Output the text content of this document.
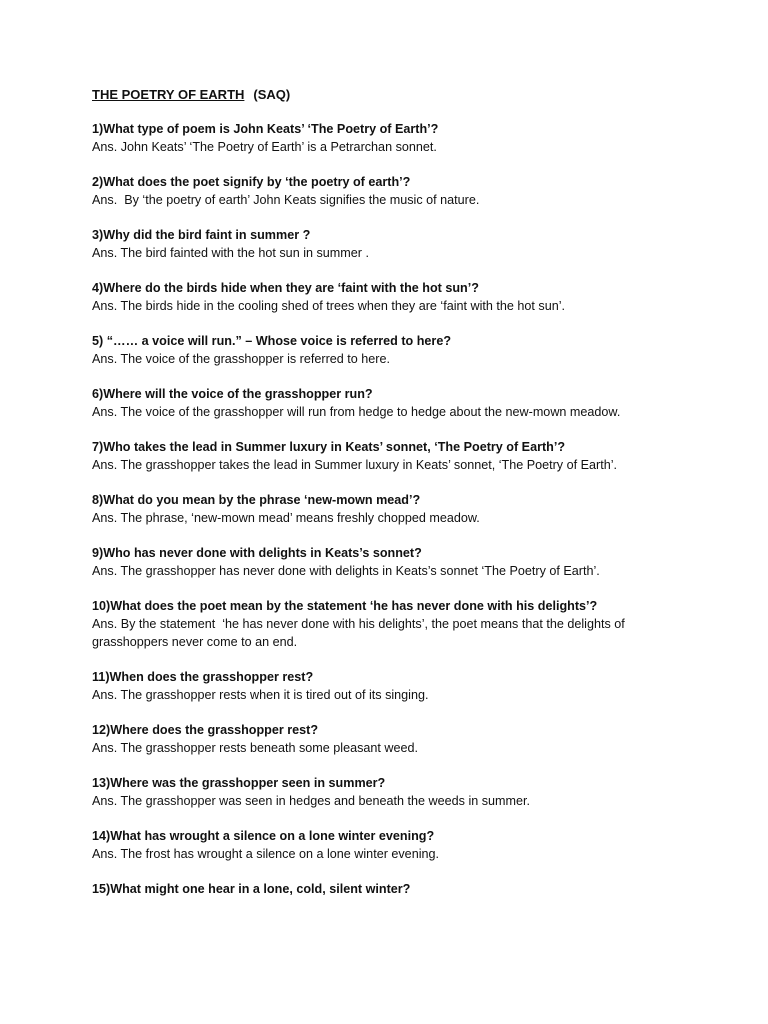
THE POETRY OF EARTH (SAQ)
1)What type of poem is John Keats’ ‘The Poetry of Earth’?
Ans. John Keats’ ‘The Poetry of Earth’ is a Petrarchan sonnet.
2)What does the poet signify by ‘the poetry of earth’?
Ans.  By ‘the poetry of earth’ John Keats signifies the music of nature.
3)Why did the bird faint in summer ?
Ans. The bird fainted with the hot sun in summer .
4)Where do the birds hide when they are ‘faint with the hot sun’?
Ans. The birds hide in the cooling shed of trees when they are ‘faint with the hot sun’.
5) “…… a voice will run.” – Whose voice is referred to here?
Ans. The voice of the grasshopper is referred to here.
6)Where will the voice of the grasshopper run?
Ans. The voice of the grasshopper will run from hedge to hedge about the new-mown meadow.
7)Who takes the lead in Summer luxury in Keats’ sonnet, ‘The Poetry of Earth’?
Ans. The grasshopper takes the lead in Summer luxury in Keats’ sonnet, ‘The Poetry of Earth’.
8)What do you mean by the phrase ‘new-mown mead’?
Ans. The phrase, ‘new-mown mead’ means freshly chopped meadow.
9)Who has never done with delights in Keats’s sonnet?
Ans. The grasshopper has never done with delights in Keats’s sonnet ‘The Poetry of Earth’.
10)What does the poet mean by the statement ‘he has never done with his delights’?
Ans. By the statement  ‘he has never done with his delights’, the poet means that the delights of grasshoppers never come to an end.
11)When does the grasshopper rest?
Ans. The grasshopper rests when it is tired out of its singing.
12)Where does the grasshopper rest?
Ans. The grasshopper rests beneath some pleasant weed.
13)Where was the grasshopper seen in summer?
Ans. The grasshopper was seen in hedges and beneath the weeds in summer.
14)What has wrought a silence on a lone winter evening?
Ans. The frost has wrought a silence on a lone winter evening.
15)What might one hear in a lone, cold, silent winter?
